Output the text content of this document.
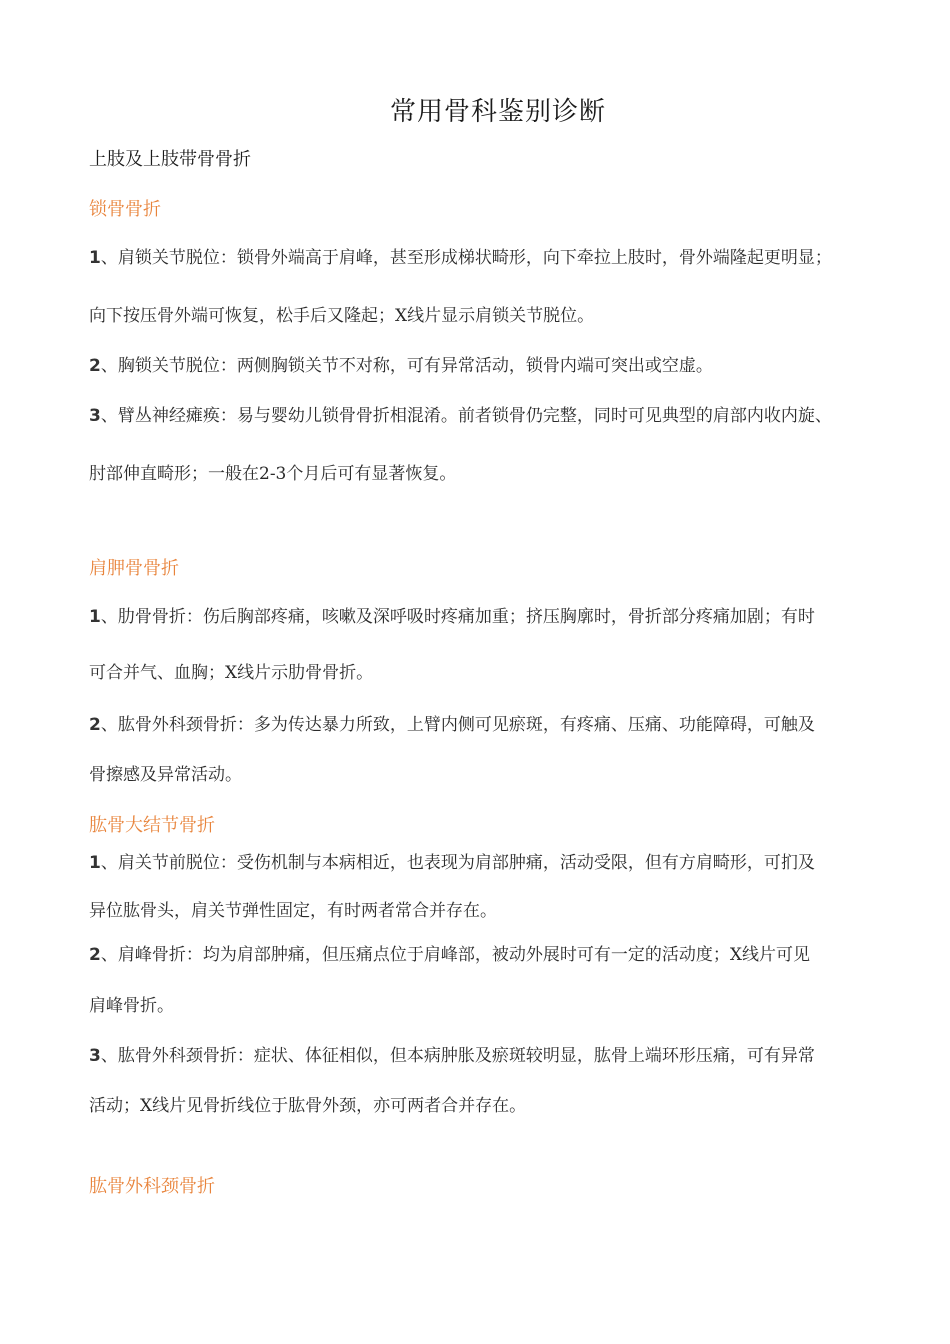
常用骨科鉴别诊断
上肢及上肢带骨骨折
锁骨骨折
1、肩锁关节脱位：锁骨外端高于肩峰，甚至形成梯状畸形，向下牵拉上肢时，骨外端隆起更明显；
向下按压骨外端可恢复，松手后又隆起；X线片显示肩锁关节脱位。
2、胸锁关节脱位：两侧胸锁关节不对称，可有异常活动，锁骨内端可突出或空虚。
3、臂丛神经瘫痪：易与婴幼儿锁骨骨折相混淆。前者锁骨仍完整，同时可见典型的肩部内收内旋、
肘部伸直畸形；一般在2-3个月后可有显著恢复。
肩胛骨骨折
1、肋骨骨折：伤后胸部疼痛，咳嗽及深呼吸时疼痛加重；挤压胸廓时，骨折部分疼痛加剧；有时
可合并气、血胸；X线片示肋骨骨折。
2、肱骨外科颈骨折：多为传达暴力所致，上臂内侧可见瘀斑，有疼痛、压痛、功能障碍，可触及
骨擦感及异常活动。
肱骨大结节骨折
1、肩关节前脱位：受伤机制与本病相近，也表现为肩部肿痛，活动受限，但有方肩畸形，可扪及
异位肱骨头，肩关节弹性固定，有时两者常合并存在。
2、肩峰骨折：均为肩部肿痛，但压痛点位于肩峰部，被动外展时可有一定的活动度；X线片可见
肩峰骨折。
3、肱骨外科颈骨折：症状、体征相似，但本病肿胀及瘀斑较明显，肱骨上端环形压痛，可有异常
活动；X线片见骨折线位于肱骨外颈，亦可两者合并存在。
肱骨外科颈骨折
